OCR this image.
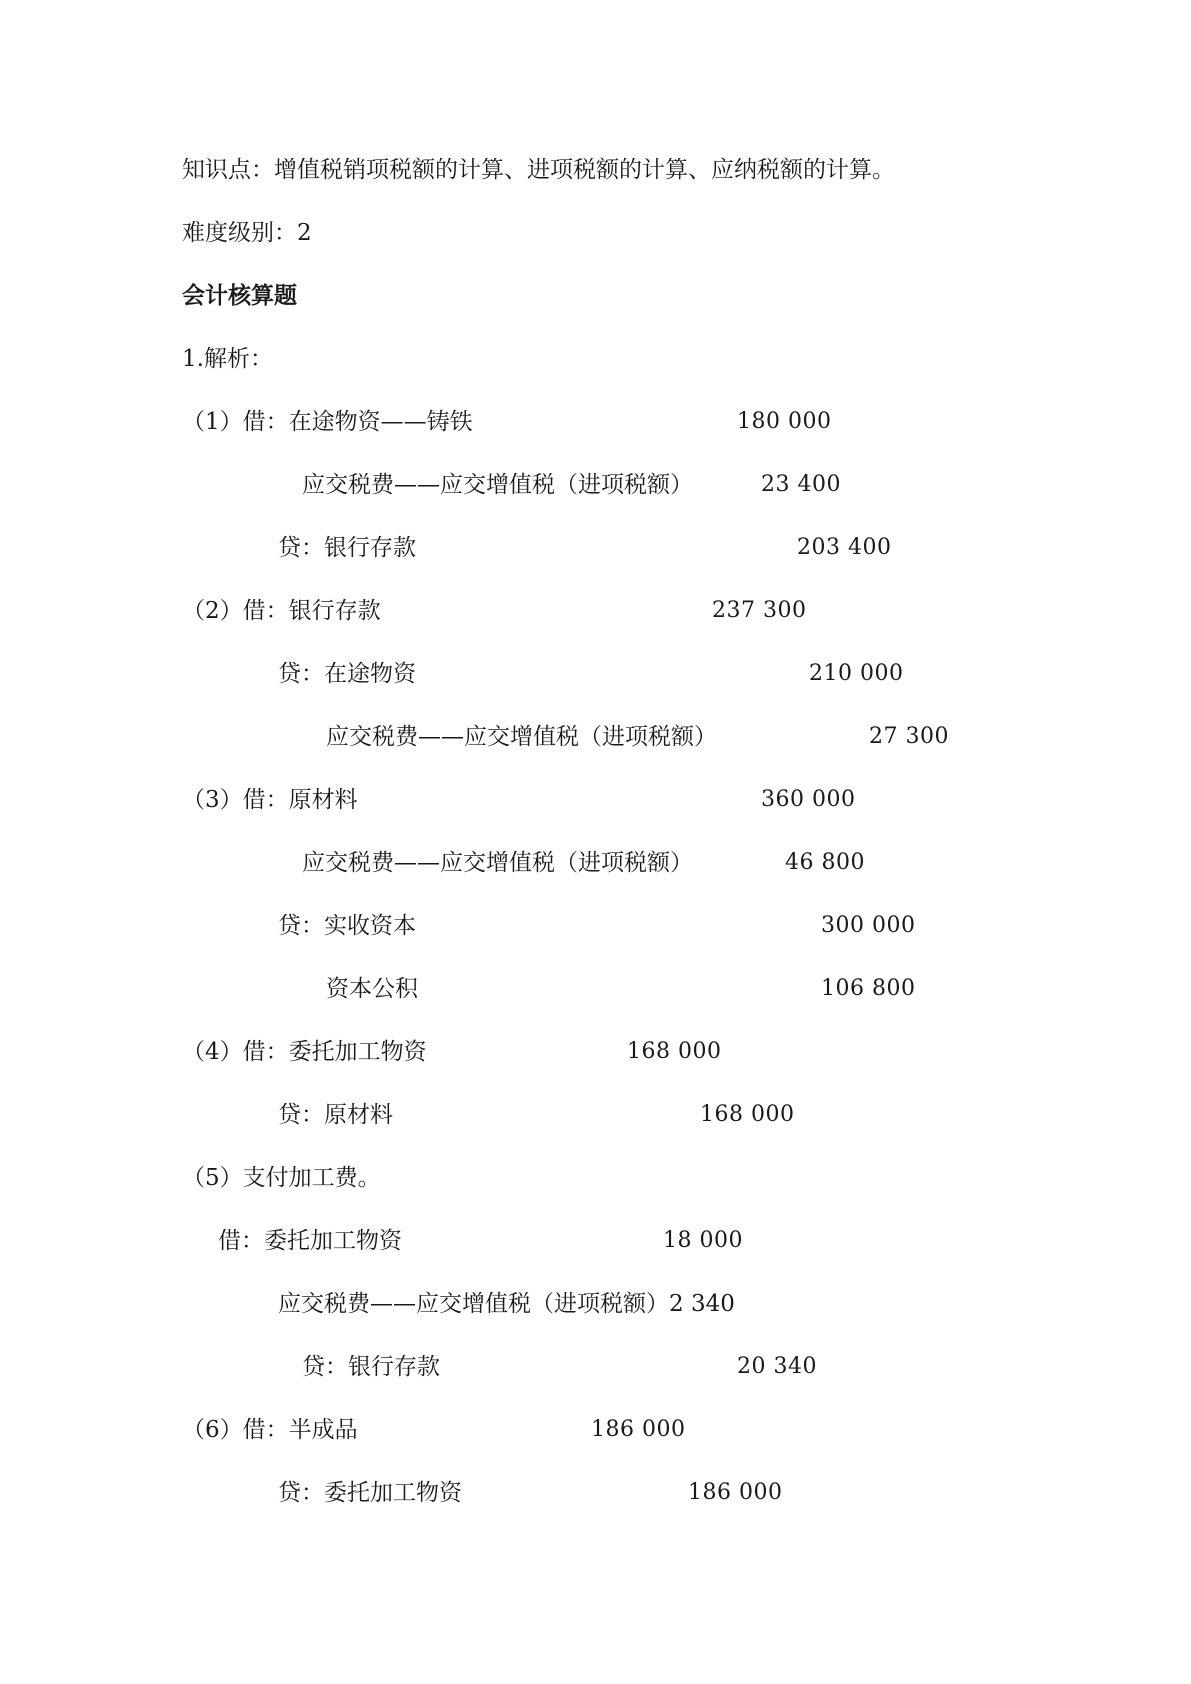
知识点：增值税销项税额的计算、进项税额的计算、应纳税额的计算。
难度级别：2
会计核算题
1.解析：
（1）借：在途物资——铸铁	180 000
应交税费——应交增值税（进项税额）	23 400
贷：银行存款	203 400
（2）借：银行存款	237 300
贷：在途物资	210 000
应交税费——应交增值税（进项税额）	27 300
（3）借：原材料	360 000
应交税费——应交增值税（进项税额）	46 800
贷：实收资本	300 000
资本公积	106 800
（4）借：委托加工物资	168 000
贷：原材料	168 000
（5）支付加工费。
借：委托加工物资	18 000
应交税费——应交增值税（进项税额）2 340
贷：银行存款	20 340
（6）借：半成品	186 000
贷：委托加工物资	186 000
